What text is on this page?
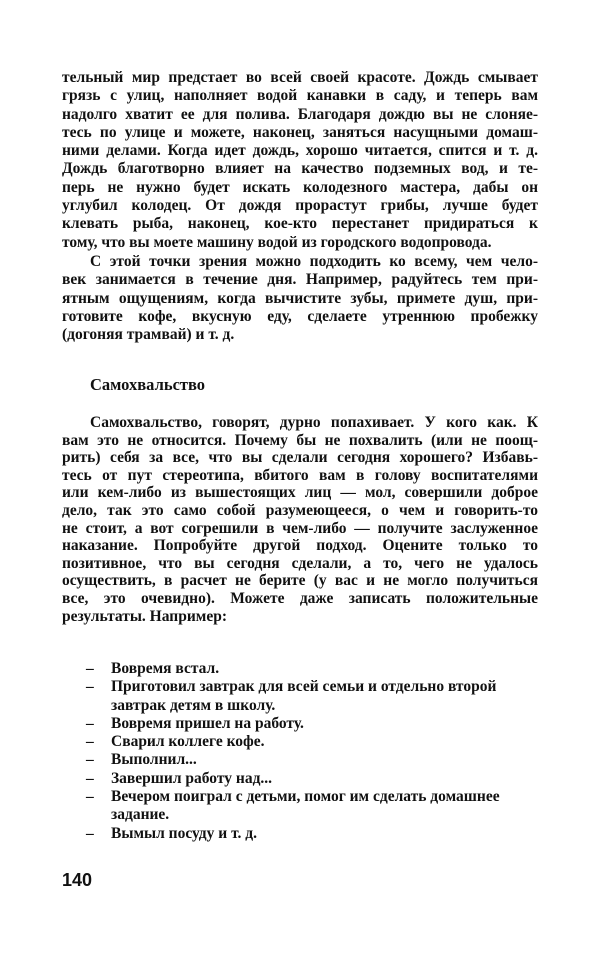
тельный мир предстает во всей своей красоте. Дождь смывает
грязь с улиц, наполняет водой канавки в саду, и теперь вам
надолго хватит ее для полива. Благодаря дождю вы не слоняе-
тесь по улице и можете, наконец, заняться насущными домаш-
ними делами. Когда идет дождь, хорошо читается, спится и т. д.
Дождь благотворно влияет на качество подземных вод, и те-
перь не нужно будет искать колодезного мастера, дабы он
углубил колодец. От дождя прорастут грибы, лучше будет
клевать рыба, наконец, кое-кто перестанет придираться к
тому, что вы моете машину водой из городского водопровода.
С этой точки зрения можно подходить ко всему, чем чело-
век занимается в течение дня. Например, радуйтесь тем при-
ятным ощущениям, когда вычистите зубы, примете душ, при-
готовите кофе, вкусную еду, сделаете утреннюю пробежку
(догоняя трамвай) и т. д.
Самохвальство
Самохвальство, говорят, дурно попахивает. У кого как. К
вам это не относится. Почему бы не похвалить (или не поощ-
рить) себя за все, что вы сделали сегодня хорошего? Избавь-
тесь от пут стереотипа, вбитого вам в голову воспитателями
или кем-либо из вышестоящих лиц — мол, совершили доброе
дело, так это само собой разумеющееся, о чем и говорить-то
не стоит, а вот согрешили в чем-либо — получите заслуженное
наказание. Попробуйте другой подход. Оцените только то
позитивное, что вы сегодня сделали, а то, чего не удалось
осуществить, в расчет не берите (у вас и не могло получиться
все, это очевидно). Можете даже записать положительные
результаты. Например:
–	Вовремя встал.
–	Приготовил завтрак для всей семьи и отдельно второй
завтрак детям в школу.
–	Вовремя пришел на работу.
–	Сварил коллеге кофе.
–	Выполнил...
–	Завершил работу над...
–	Вечером поиграл с детьми, помог им сделать домашнее
задание.
–	Вымыл посуду и т. д.
140
